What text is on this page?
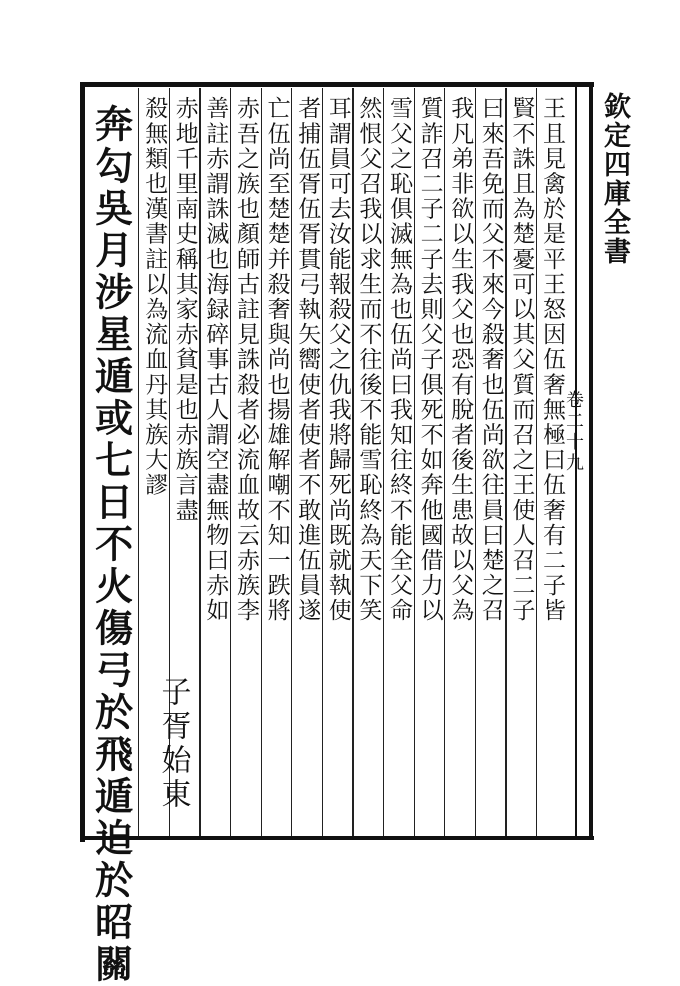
欽定四庫全書
卷二十九
王且見禽於是平王怒因伍奢無極曰伍奢有二子皆
賢不誅且為楚憂可以其父質而召之王使人召二子
曰來吾免而父不來今殺奢也伍尚欲往員曰楚之召
我凡弟非欲以生我父也恐有脫者後生患故以父為
質詐召二子二子去則父子俱死不如奔他國借力以
雪父之恥俱滅無為也伍尚曰我知往終不能全父命
然恨父召我以求生而不往後不能雪恥終為天下笑
耳謂員可去汝能報殺父之仇我將歸死尚既就執使
者捕伍胥伍胥貫弓執矢嚮使者使者不敢進伍員遂
亡伍尚至楚楚并殺奢與尚也揚雄解嘲不知一跌將
赤吾之族也顏師古註見誅殺者必流血故云赤族李
善註赤謂誅滅也海録碎事古人謂空盡無物曰赤如
赤地千里南史稱其家赤貧是也赤族言盡
殺無類也漢書註以為流血丹其族大謬
奔勾吳月涉星遁或七日不火傷弓於飛遁迫於昭關 子胥始東
